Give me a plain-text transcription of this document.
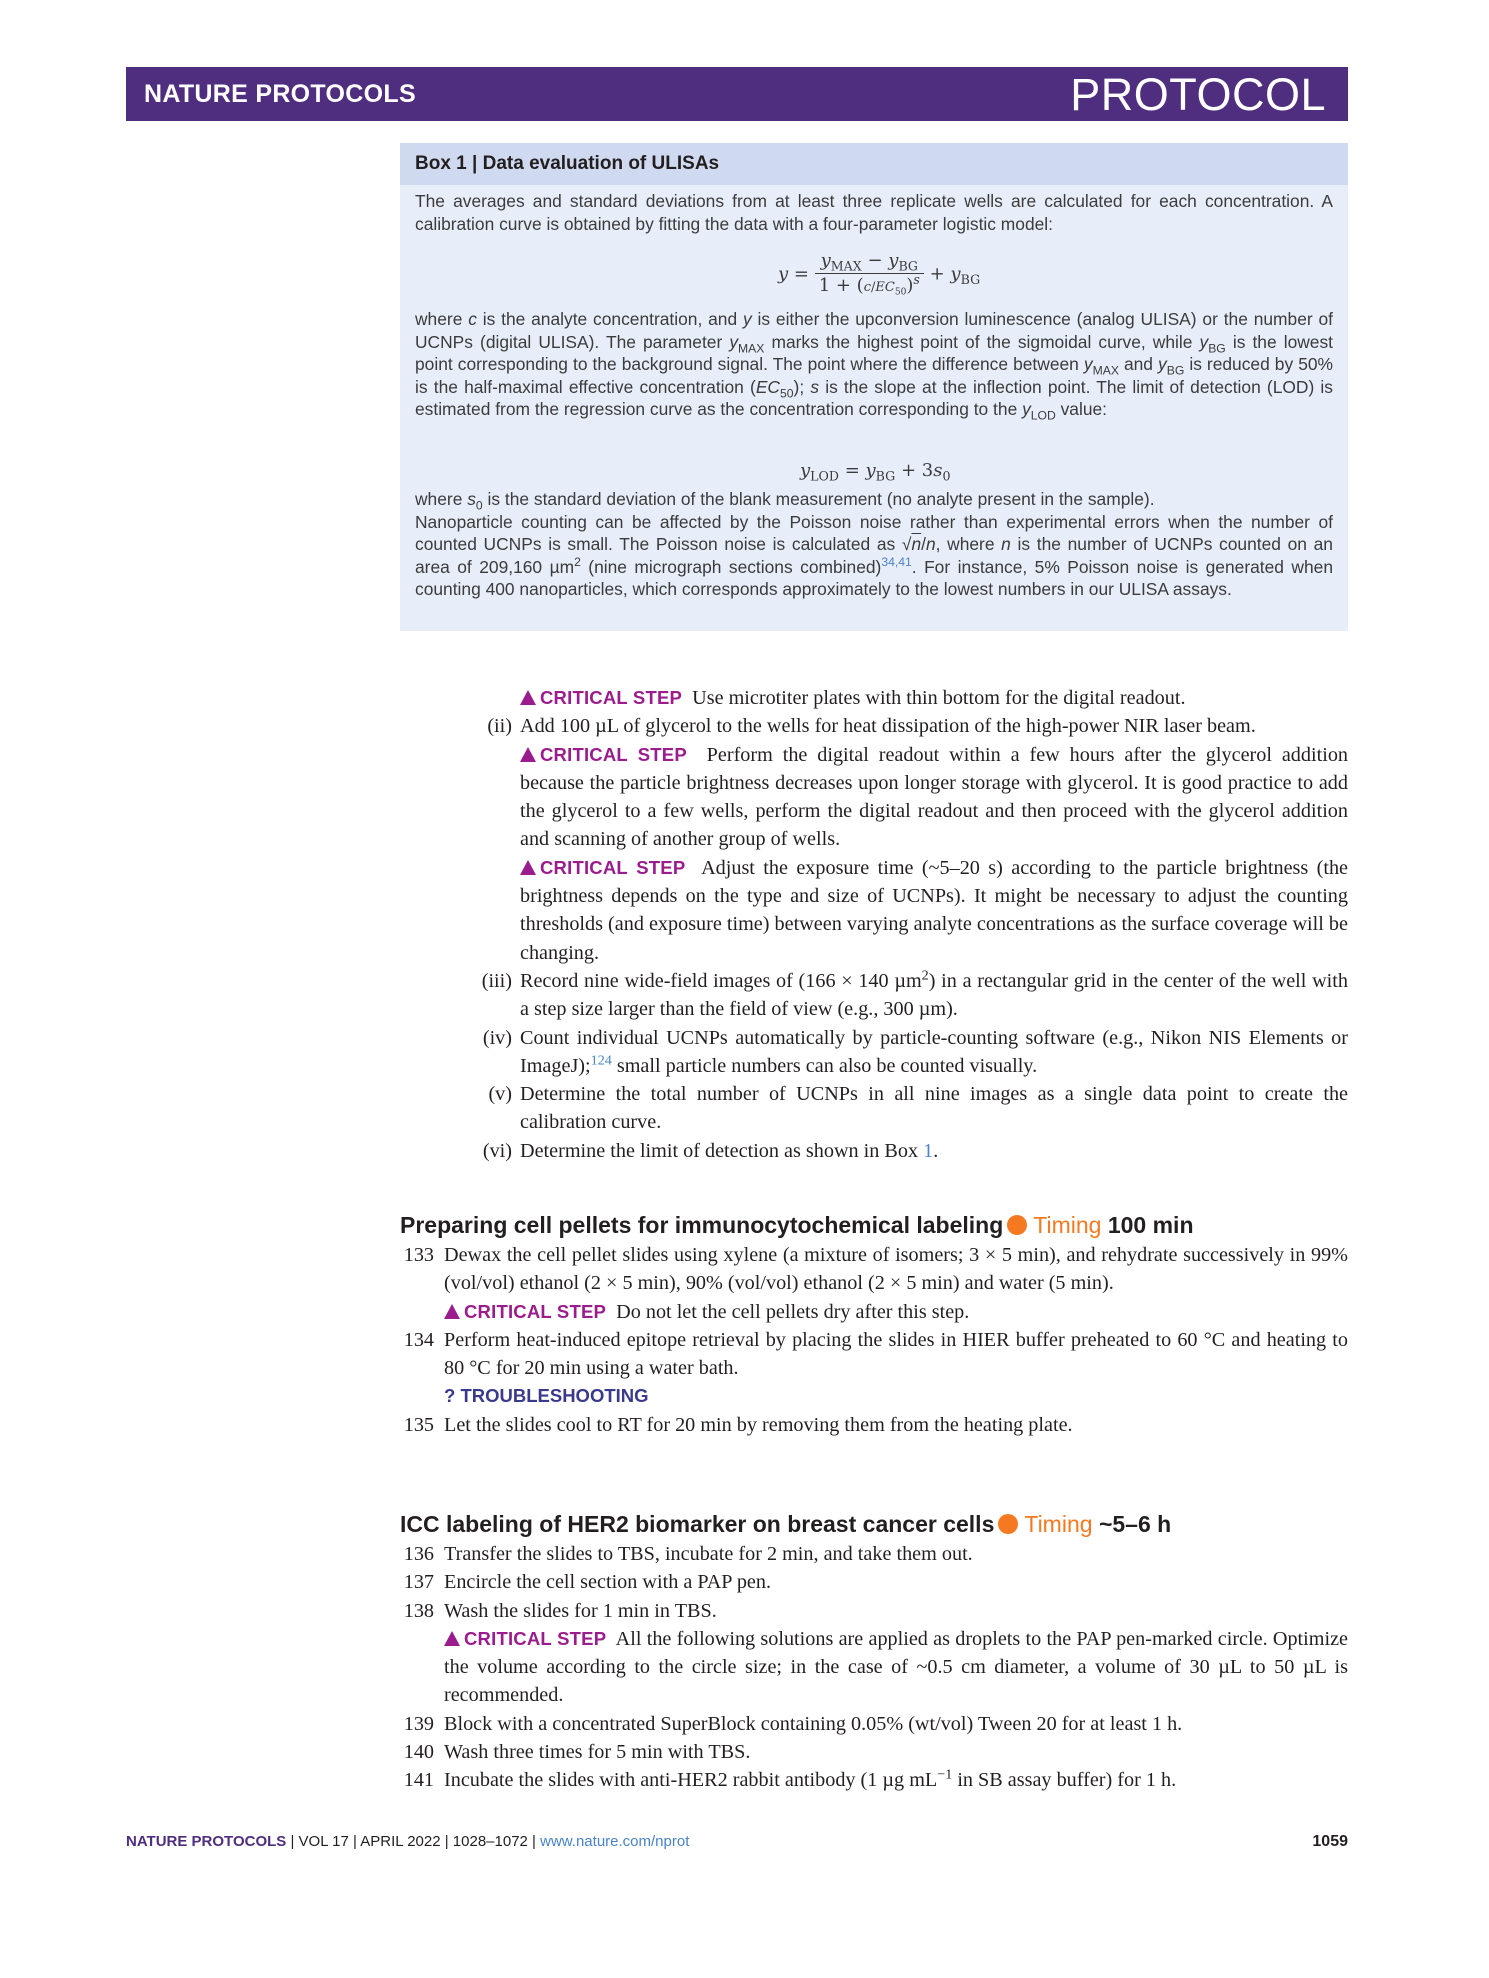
NATURE PROTOCOLS	PROTOCOL
Box 1 | Data evaluation of ULISAs
The averages and standard deviations from at least three replicate wells are calculated for each concentration. A calibration curve is obtained by fitting the data with a four-parameter logistic model:
$y = \frac{y_{MAX} - y_{BG}}{1 + (c/EC_{50})^s} + y_{BG}$
where c is the analyte concentration, and y is either the upconversion luminescence (analog ULISA) or the number of UCNPs (digital ULISA). The parameter $y_{MAX}$ marks the highest point of the sigmoidal curve, while $y_{BG}$ is the lowest point corresponding to the background signal. The point where the difference between $y_{MAX}$ and $y_{BG}$ is reduced by 50% is the half-maximal effective concentration $(EC_{50})$; s is the slope at the inflection point. The limit of detection (LOD) is estimated from the regression curve as the concentration corresponding to the $y_{LOD}$ value:
$y_{LOD} = y_{BG} + 3s_0$
where $s_0$ is the standard deviation of the blank measurement (no analyte present in the sample).
Nanoparticle counting can be affected by the Poisson noise rather than experimental errors when the number of counted UCNPs is small. The Poisson noise is calculated as √n/n, where n is the number of UCNPs counted on an area of 209,160 µm$^2$ (nine micrograph sections combined)$^{34,41}$. For instance, 5% Poisson noise is generated when counting 400 nanoparticles, which corresponds approximately to the lowest numbers in our ULISA assays.
CRITICAL STEP Use microtiter plates with thin bottom for the digital readout.
(ii) Add 100 µL of glycerol to the wells for heat dissipation of the high-power NIR laser beam.
CRITICAL STEP Perform the digital readout within a few hours after the glycerol addition because the particle brightness decreases upon longer storage with glycerol. It is good practice to add the glycerol to a few wells, perform the digital readout and then proceed with the glycerol addition and scanning of another group of wells.
CRITICAL STEP Adjust the exposure time (~5–20 s) according to the particle brightness (the brightness depends on the type and size of UCNPs). It might be necessary to adjust the counting thresholds (and exposure time) between varying analyte concentrations as the surface coverage will be changing.
(iii) Record nine wide-field images of (166 × 140 µm$^2$) in a rectangular grid in the center of the well with a step size larger than the field of view (e.g., 300 µm).
(iv) Count individual UCNPs automatically by particle-counting software (e.g., Nikon NIS Elements or ImageJ);$^{124}$ small particle numbers can also be counted visually.
(v) Determine the total number of UCNPs in all nine images as a single data point to create the calibration curve.
(vi) Determine the limit of detection as shown in Box 1.
Preparing cell pellets for immunocytochemical labeling Timing 100 min
133 Dewax the cell pellet slides using xylene (a mixture of isomers; 3 × 5 min), and rehydrate successively in 99% (vol/vol) ethanol (2 × 5 min), 90% (vol/vol) ethanol (2 × 5 min) and water (5 min).
CRITICAL STEP Do not let the cell pellets dry after this step.
134 Perform heat-induced epitope retrieval by placing the slides in HIER buffer preheated to 60 °C and heating to 80 °C for 20 min using a water bath.
? TROUBLESHOOTING
135 Let the slides cool to RT for 20 min by removing them from the heating plate.
ICC labeling of HER2 biomarker on breast cancer cells Timing ~5–6 h
136 Transfer the slides to TBS, incubate for 2 min, and take them out.
137 Encircle the cell section with a PAP pen.
138 Wash the slides for 1 min in TBS.
CRITICAL STEP All the following solutions are applied as droplets to the PAP pen-marked circle. Optimize the volume according to the circle size; in the case of ~0.5 cm diameter, a volume of 30 µL to 50 µL is recommended.
139 Block with a concentrated SuperBlock containing 0.05% (wt/vol) Tween 20 for at least 1 h.
140 Wash three times for 5 min with TBS.
141 Incubate the slides with anti-HER2 rabbit antibody (1 µg $mL^{-1}$ in SB assay buffer) for 1 h.
NATURE PROTOCOLS | VOL 17 | APRIL 2022 | 1028–1072 | www.nature.com/nprot	1059
